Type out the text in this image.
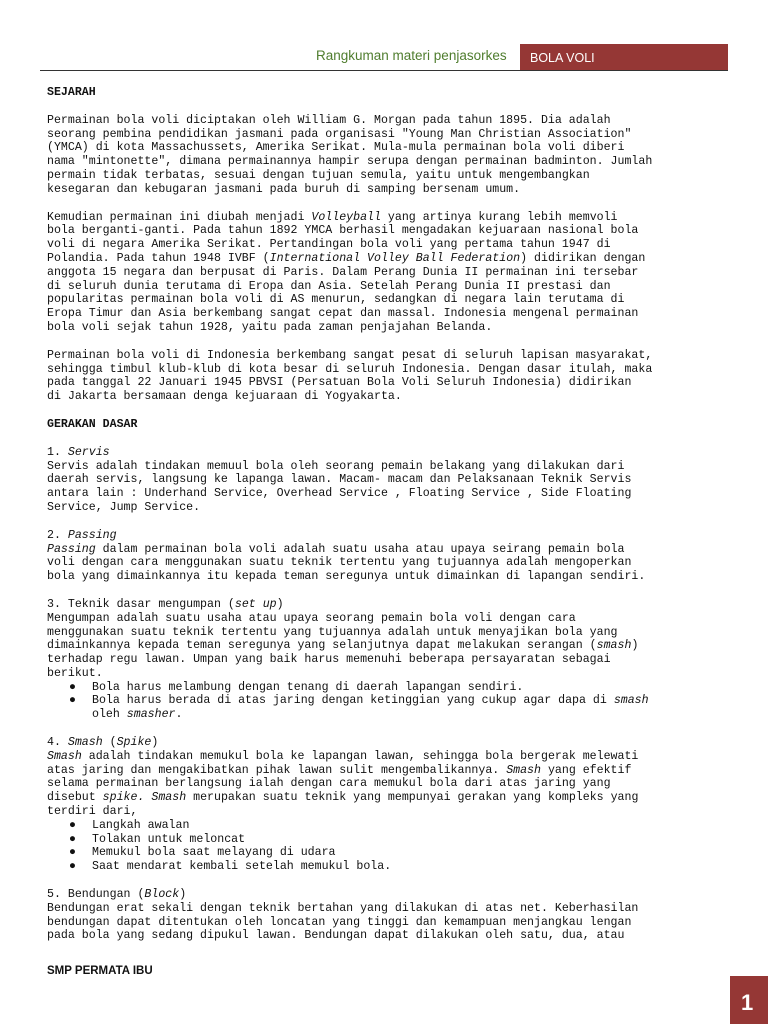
Rangkuman materi penjasorkes	BOLA VOLI
SEJARAH
Permainan bola voli diciptakan oleh William G. Morgan pada tahun 1895. Dia adalah
seorang pembina pendidikan jasmani pada organisasi "Young Man Christian Association"
(YMCA) di kota Massachussets, Amerika Serikat. Mula-mula permainan bola voli diberi
nama "mintonette", dimana permainannya hampir serupa dengan permainan badminton. Jumlah
permain tidak terbatas, sesuai dengan tujuan semula, yaitu untuk mengembangkan
kesegaran dan kebugaran jasmani pada buruh di samping bersenam umum.
Kemudian permainan ini diubah menjadi Volleyball yang artinya kurang lebih memvoli
bola berganti-ganti. Pada tahun 1892 YMCA berhasil mengadakan kejuaraan nasional bola
voli di negara Amerika Serikat. Pertandingan bola voli yang pertama tahun 1947 di
Polandia. Pada tahun 1948 IVBF (International Volley Ball Federation) didirikan dengan
anggota 15 negara dan berpusat di Paris. Dalam Perang Dunia II permainan ini tersebar
di seluruh dunia terutama di Eropa dan Asia. Setelah Perang Dunia II prestasi dan
popularitas permainan bola voli di AS menurun, sedangkan di negara lain terutama di
Eropa Timur dan Asia berkembang sangat cepat dan massal. Indonesia mengenal permainan
bola voli sejak tahun 1928, yaitu pada zaman penjajahan Belanda.
Permainan bola voli di Indonesia berkembang sangat pesat di seluruh lapisan masyarakat,
sehingga timbul klub-klub di kota besar di seluruh Indonesia. Dengan dasar itulah, maka
pada tanggal 22 Januari 1945 PBVSI (Persatuan Bola Voli Seluruh Indonesia) didirikan
di Jakarta bersamaan denga kejuaraan di Yogyakarta.
GERAKAN DASAR
1. Servis
Servis adalah tindakan memuul bola oleh seorang pemain belakang yang dilakukan dari
daerah servis, langsung ke lapanga lawan. Macam- macam dan Pelaksanaan Teknik Servis
antara lain : Underhand Service, Overhead Service , Floating Service , Side Floating
Service, Jump Service.
2. Passing
Passing dalam permainan bola voli adalah suatu usaha atau upaya seirang pemain bola
voli dengan cara menggunakan suatu teknik tertentu yang tujuannya adalah mengoperkan
bola yang dimainkannya itu kepada teman seregunya untuk dimainkan di lapangan sendiri.
3. Teknik dasar mengumpan (set up)
Mengumpan adalah suatu usaha atau upaya seorang pemain bola voli dengan cara
menggunakan suatu teknik tertentu yang tujuannya adalah untuk menyajikan bola yang
dimainkannya kepada teman seregunya yang selanjutnya dapat melakukan serangan (smash)
terhadap regu lawan. Umpan yang baik harus memenuhi beberapa persayaratan sebagai
berikut.
● Bola harus melambung dengan tenang di daerah lapangan sendiri.
● Bola harus berada di atas jaring dengan ketinggian yang cukup agar dapa di smash
oleh smasher.
4. Smash (Spike)
Smash adalah tindakan memukul bola ke lapangan lawan, sehingga bola bergerak melewati
atas jaring dan mengakibatkan pihak lawan sulit mengembalikannya. Smash yang efektif
selama permainan berlangsung ialah dengan cara memukul bola dari atas jaring yang
disebut spike. Smash merupakan suatu teknik yang mempunyai gerakan yang kompleks yang
terdiri dari,
● Langkah awalan
● Tolakan untuk meloncat
● Memukul bola saat melayang di udara
● Saat mendarat kembali setelah memukul bola.
5. Bendungan (Block)
Bendungan erat sekali dengan teknik bertahan yang dilakukan di atas net. Keberhasilan
bendungan dapat ditentukan oleh loncatan yang tinggi dan kemampuan menjangkau lengan
pada bola yang sedang dipukul lawan. Bendungan dapat dilakukan oleh satu, dua, atau
SMP PERMATA IBU
1
